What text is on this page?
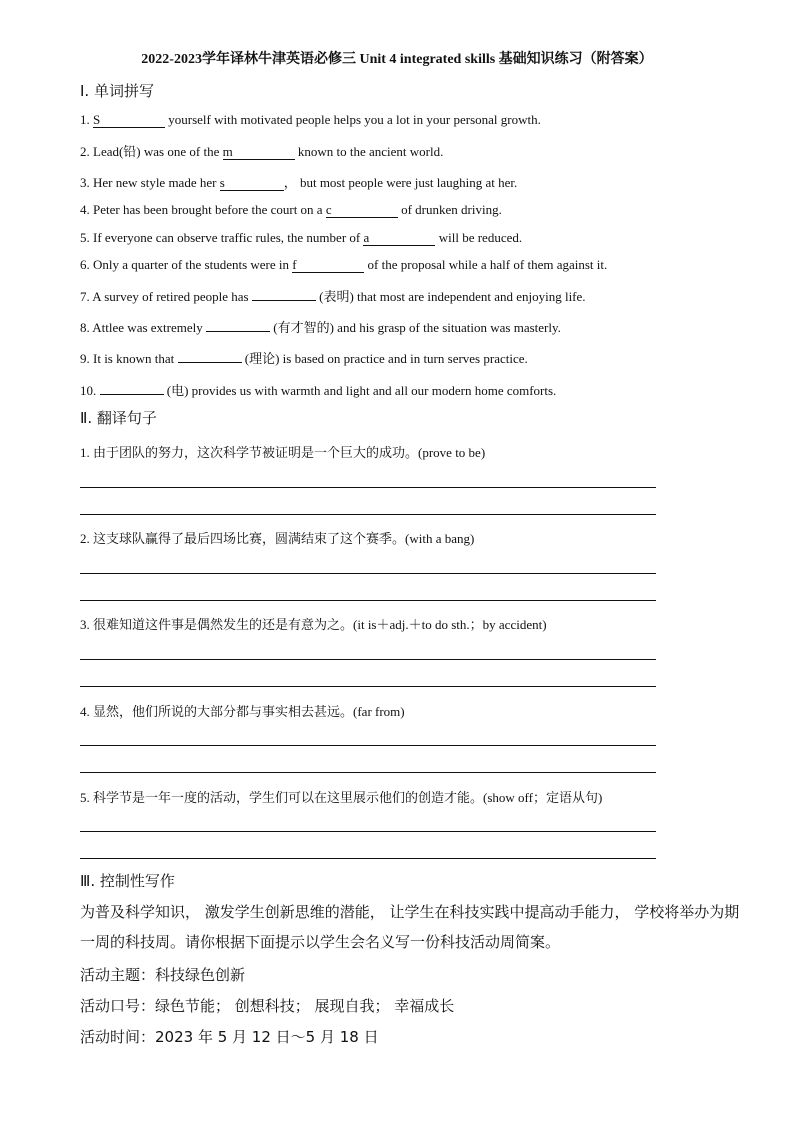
2022-2023学年译林牛津英语必修三 Unit 4 integrated skills 基础知识练习（附答案）
Ⅰ. 单词拼写
1. S	yourself with motivated people helps you a lot in your personal growth.
2. Lead(铅) was one of the m	known to the ancient world.
3. Her new style made her s	， but most people were just laughing at her.
4. Peter has been brought before the court on a c	of drunken driving.
5. If everyone can observe traffic rules, the number of a	will be reduced.
6. Only a quarter of the students were in f	of the proposal while a half of them against it.
7. A survey of retired people has	(表明) that most are independent and enjoying life.
8. Attlee was extremely	(有才智的) and his grasp of the situation was masterly.
9. It is known that	(理论) is based on practice and in turn serves practice.
10.	(电) provides us with warmth and light and all our modern home comforts.
Ⅱ. 翻译句子
1. 由于团队的努力，这次科学节被证明是一个巨大的成功。(prove to be)
2. 这支球队赢得了最后四场比赛，圆满结束了这个赛季。(with a bang)
3. 很难知道这件事是偶然发生的还是有意为之。(it is＋adj.＋to do sth.；by accident)
4. 显然，他们所说的大部分都与事实相去甚远。(far from)
5. 科学节是一年一度的活动，学生们可以在这里展示他们的创造才能。(show off；定语从句)
Ⅲ. 控制性写作
为普及科学知识， 激发学生创新思维的潜能， 让学生在科技实践中提高动手能力， 学校将举办为期一周的科技周。请你根据下面提示以学生会名义写一份科技活动周简案。
活动主题：科技绿色创新
活动口号：绿色节能； 创想科技； 展现自我； 幸福成长
活动时间：2023 年 5 月 12 日～5 月 18 日
